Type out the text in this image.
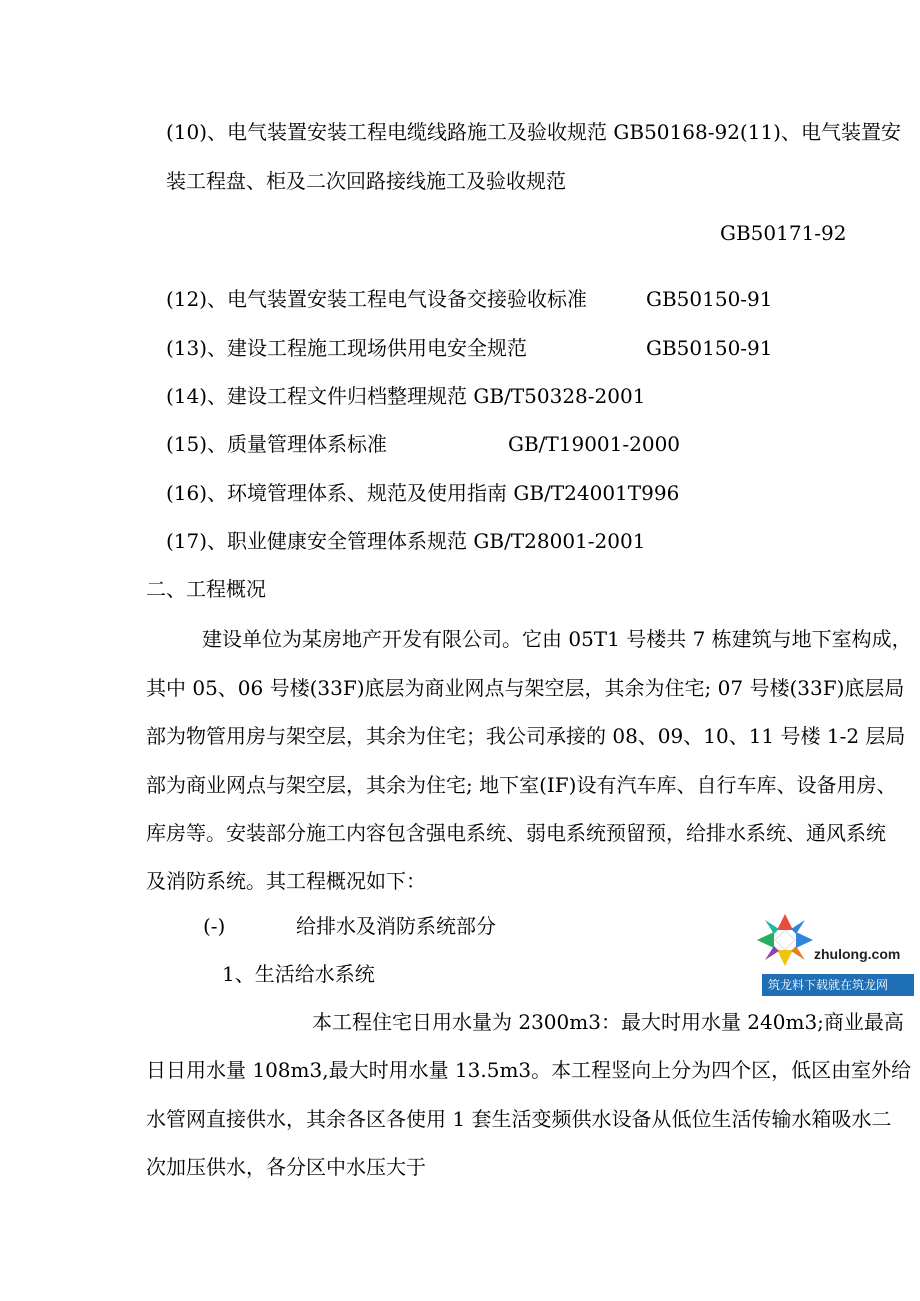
(10)、电气装置安装工程电缆线路施工及验收规范 GB50168-92(11)、电气装置安
装工程盘、柜及二次回路接线施工及验收规范
GB50171-92
(12)、电气装置安装工程电气设备交接验收标准	GB50150-91
(13)、建设工程施工现场供用电安全规范	GB50150-91
(14)、建设工程文件归档整理规范 GB/T50328-2001
(15)、质量管理体系标准	GB/T19001-2000
(16)、环境管理体系、规范及使用指南 GB/T24001T996
(17)、职业健康安全管理体系规范 GB/T28001-2001
二、工程概况
建设单位为某房地产开发有限公司。它由 05T1 号楼共 7 栋建筑与地下室构成，
其中 05、06 号楼(33F)底层为商业网点与架空层，其余为住宅; 07 号楼(33F)底层局
部为物管用房与架空层，其余为住宅；我公司承接的 08、09、10、11 号楼 1-2 层局
部为商业网点与架空层，其余为住宅; 地下室(IF)设有汽车库、自行车库、设备用房、
库房等。安装部分施工内容包含强电系统、弱电系统预留预，给排水系统、通风系统
及消防系统。其工程概况如下：
(-)	给排水及消防系统部分
1、生活给水系统
本工程住宅日用水量为 2300m3：最大时用水量 240m3;商业最高
日日用水量 108m3,最大时用水量 13.5m3。本工程竖向上分为四个区，低区由室外给
水管网直接供水，其余各区各使用 1 套生活变频供水设备从低位生活传输水箱吸水二
次加压供水，各分区中水压大于
zhulong.com
筑龙料下载就在筑龙网
